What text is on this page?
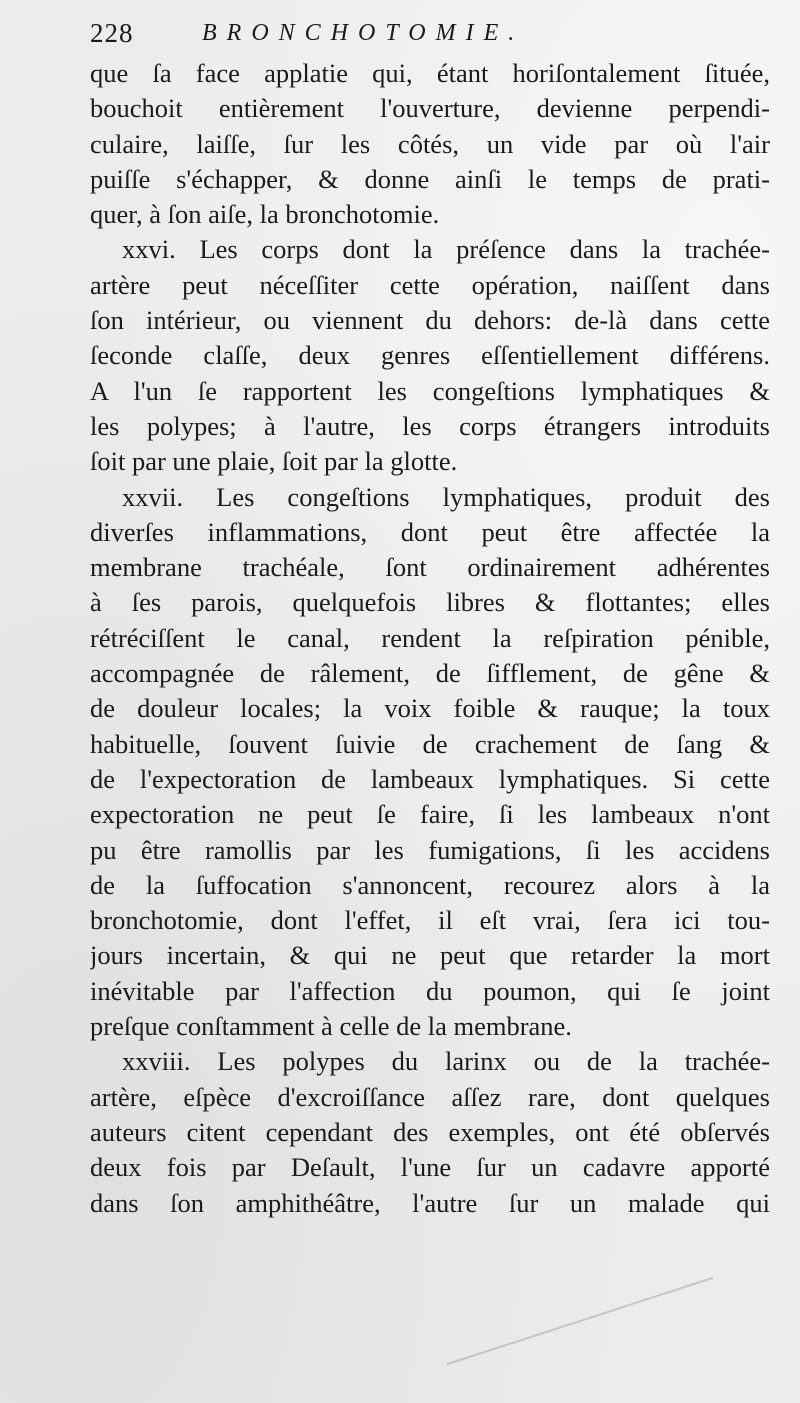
228	BRONCHOTOMIE.
que ſa face applatie qui, étant horiſontalement ſituée,
bouchoit entièrement l'ouverture, devienne perpendi-
culaire, laiſſe, ſur les côtés, un vide par où l'air
puiſſe s'échapper, & donne ainſi le temps de prati-
quer, à ſon aiſe, la bronchotomie.
xxvi. Les corps dont la préſence dans la trachée-
artère peut néceſſiter cette opération, naiſſent dans
ſon intérieur, ou viennent du dehors: de-là dans cette
ſeconde claſſe, deux genres eſſentiellement différens.
A l'un ſe rapportent les congeſtions lymphatiques &
les polypes; à l'autre, les corps étrangers introduits
ſoit par une plaie, ſoit par la glotte.
xxvii. Les congeſtions lymphatiques, produit des
diverſes inflammations, dont peut être affectée la
membrane trachéale, ſont ordinairement adhérentes
à ſes parois, quelquefois libres & flottantes; elles
rétréciſſent le canal, rendent la reſpiration pénible,
accompagnée de râlement, de ſifflement, de gêne &
de douleur locales; la voix foible & rauque; la toux
habituelle, ſouvent ſuivie de crachement de ſang &
de l'expectoration de lambeaux lymphatiques. Si cette
expectoration ne peut ſe faire, ſi les lambeaux n'ont
pu être ramollis par les fumigations, ſi les accidens
de la ſuffocation s'annoncent, recourez alors à la
bronchotomie, dont l'effet, il eſt vrai, ſera ici tou-
jours incertain, & qui ne peut que retarder la mort
inévitable par l'affection du poumon, qui ſe joint
preſque conſtamment à celle de la membrane.
xxviii. Les polypes du larinx ou de la trachée-
artère, eſpèce d'excroiſſance aſſez rare, dont quelques
auteurs citent cependant des exemples, ont été obſervés
deux fois par Deſault, l'une ſur un cadavre apporté
dans ſon amphithéâtre, l'autre ſur un malade qui
